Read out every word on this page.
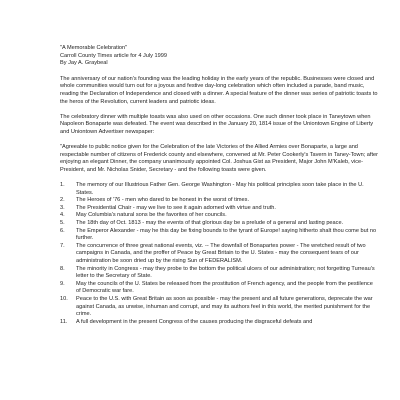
"A Memorable Celebration"

Carroll County Times article for 4 July 1999

By Jay A. Graybeal

The anniversary of our nation's founding was the leading holiday in the early years of the republic. Businesses were closed and whole communities would turn out for a joyous and festive day-long celebration which often included a parade, band music, reading the Declaration of Independence and closed with a dinner. A special feature of the dinner was series of patriotic toasts to the heros of the Revolution, current leaders and patriotic ideas.

The celebratory dinner with multiple toasts was also used on other occasions. One such dinner took place in Taneytown when Napoleon Bonaparte was defeated. The event was described in the January 20, 1814 issue of the Uniontown Engine of Liberty and Uniontown Advertiser newspaper:

"Agreeable to public notice given for the Celebration of the late Victories of the Allied Armies over Bonaparte, a large and respectable number of citizens of Frederick county and elsewhere, convened at Mr. Peter Cookerly's Tavern in Taney-Town; after enjoying an elegant Dinner, the company unanimously appointed Col. Joshua Gist as President, Major John M'Kaleb, vice-President, and Mr. Nicholas Snider, Secretary - and the following toasts were given.

1.	The memory of our Illustrious Father Gen. George Washington - May his political principles soon take place in the U. States.
2.	The Heroes of '76 - men who dared to be honest in the worst of times.
3.	The Presidential Chair - may we live to see it again adorned with virtue and truth.
4.	May Columbia's natural sons be the favorites of her councils.
5.	The 18th day of Oct. 1813 - may the events of that glorious day be a prelude of a general and lasting peace.
6.	The Emperor Alexander - may he this day be fixing bounds to the tyrant of Europe! saying hitherto shalt thou come but no further.
7.	The concurrence of three great national events, viz. -- The downfall of Bonapartes power - The wretched result of two campaigns in Canada, and the proffer of Peace by Great Britain to the U. States - may the consequent tears of our administration be soon dried up by the rising Sun of FEDERALISM.
8.	The minority in Congress - may they probe to the bottom the political ulcers of our administration; not forgetting Turreau's letter to the Secretary of State.
9.	May the councils of the U. States be released from the prostitution of French agency, and the people from the pestilence of Democratic war fare.
10.	Peace to the U.S. with Great Britain as soon as possible - may the present and all future generations, deprecate the war against Canada, as unwise, inhuman and corrupt, and may its authors feel in this world, the merited punishment for the crime.
11.	A full development in the present Congress of the causes producing the disgraceful defeats and
